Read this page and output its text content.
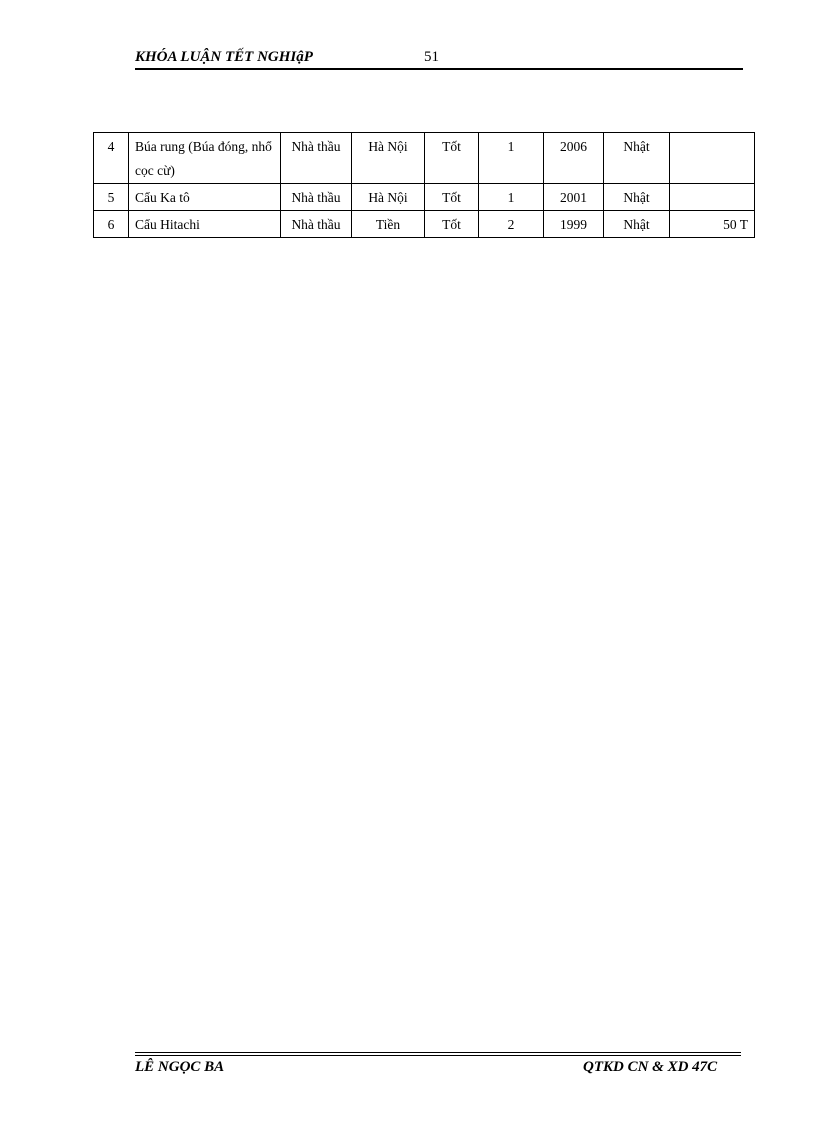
KHÓA LUẬN TẾT NGHIậP	51
4	Búa rung (Búa đóng, nhổ cọc cừ)	Nhà thầu	Hà Nội	Tốt	1	2006	Nhật	
5	Cẩu Ka tô	Nhà thầu	Hà Nội	Tốt	1	2001	Nhật	
6	Cẩu Hitachi	Nhà thầu	Tiền	Tốt	2	1999	Nhật	50 T
LÊ NGỌC BA	QTKD CN & XD 47C
